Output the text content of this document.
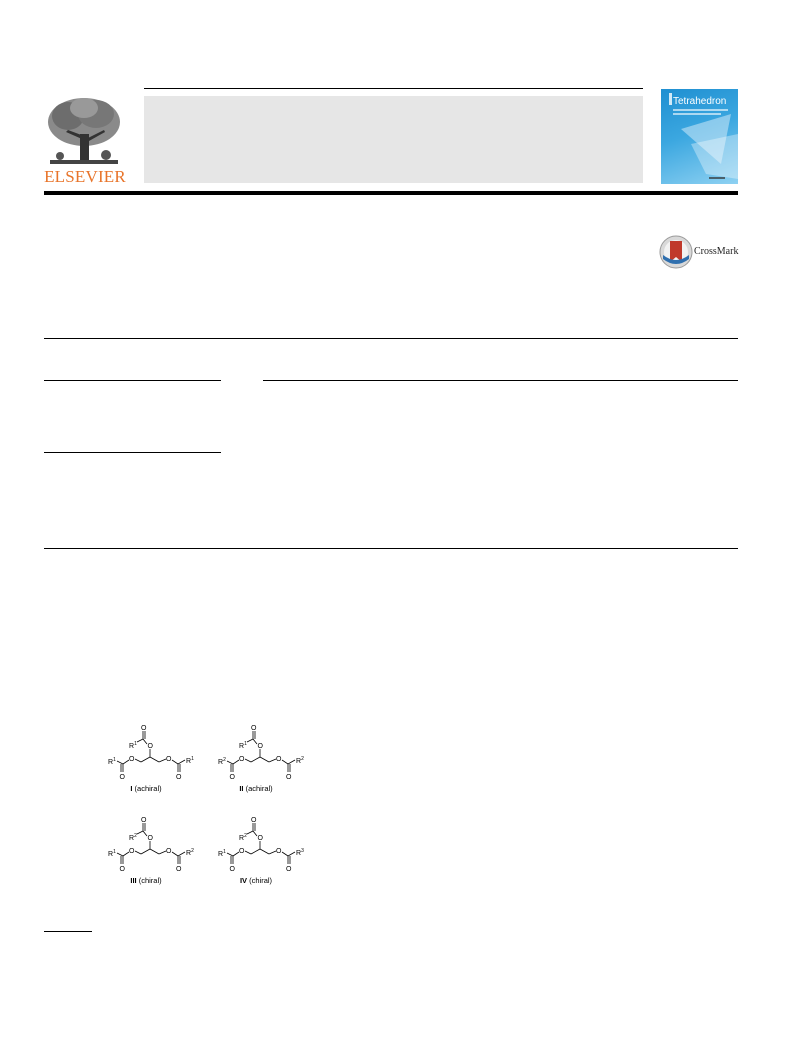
ELSEVIER
Tetrahedron
CrossMark
$R^1$
O
O	O
O
$R^1$
O
O
$R^1$
I (achiral)
$R^2$
O
O	O
O
$R^2$
O
O
$R^1$
II (achiral)
$R^1$
O
O	O
O
$R^2$
O
O
$R^2$
III (chiral)
$R^1$
O
O	O
O
$R^3$
O
O
$R^2$
IV (chiral)
